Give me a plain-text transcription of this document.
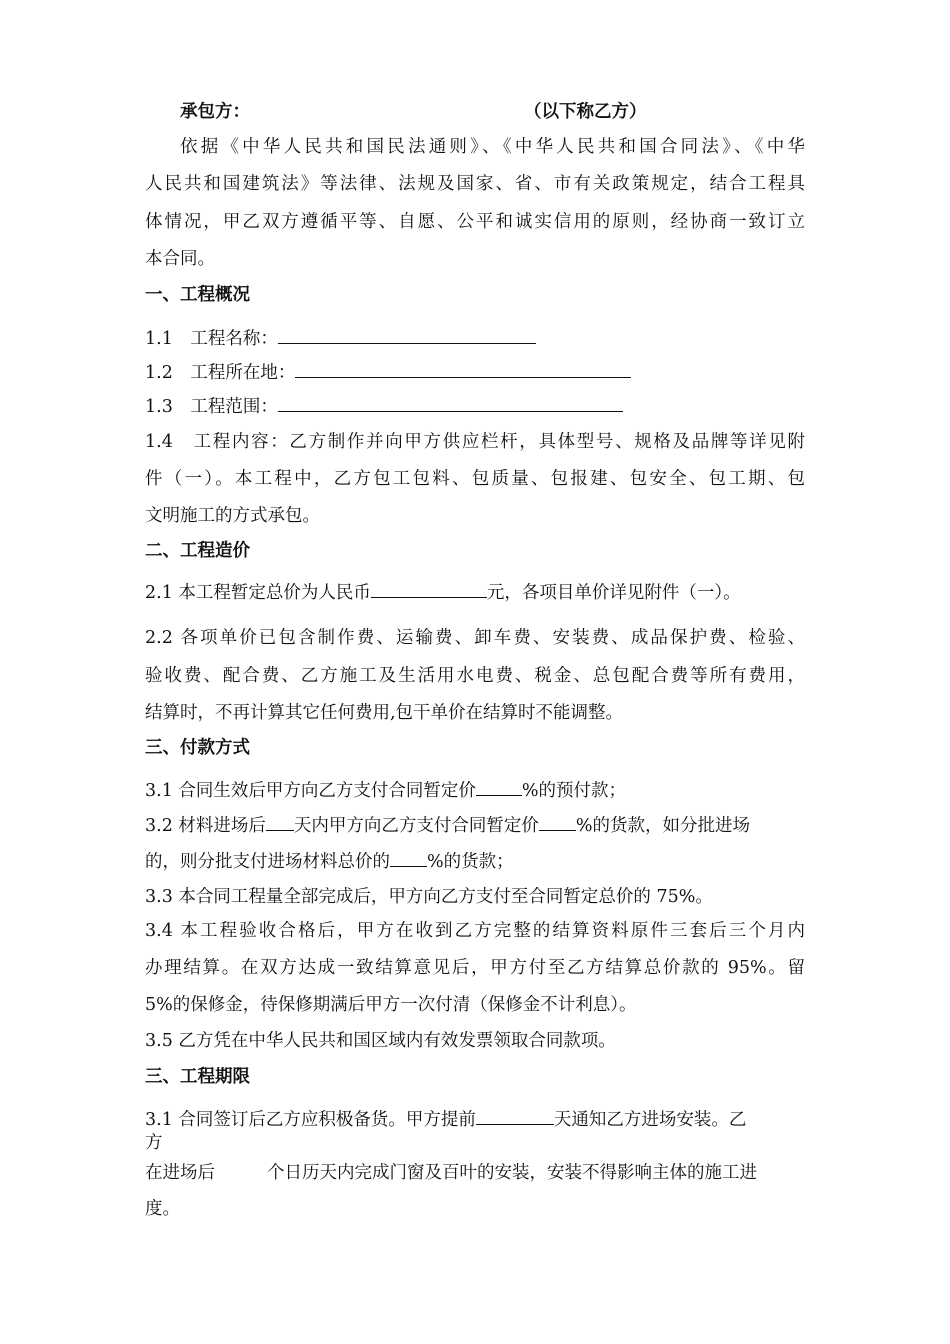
承包方：	（以下称乙方）
依据《中华人民共和国民法通则》、《中华人民共和国合同法》、《中华
人民共和国建筑法》等法律、法规及国家、省、市有关政策规定，结合工程具
体情况，甲乙双方遵循平等、自愿、公平和诚实信用的原则，经协商一致订立
本合同。
一、工程概况
1.1　工程名称：
1.2　工程所在地：
1.3　工程范围：
1.4　工程内容：乙方制作并向甲方供应栏杆，具体型号、规格及品牌等详见附
件（一）。本工程中，乙方包工包料、包质量、包报建、包安全、包工期、包
文明施工的方式承包。
二、工程造价
2.1 本工程暂定总价为人民币	元，各项目单价详见附件（一）。
2.2 各项单价已包含制作费、运输费、卸车费、安装费、成品保护费、检验、
验收费、配合费、乙方施工及生活用水电费、税金、总包配合费等所有费用，
结算时，不再计算其它任何费用,包干单价在结算时不能调整。
三、付款方式
3.1 合同生效后甲方向乙方支付合同暂定价	%的预付款；
3.2 材料进场后 天内甲方向乙方支付合同暂定价 %的货款，如分批进场
的，则分批支付进场材料总价的 %的货款；
3.3 本合同工程量全部完成后，甲方向乙方支付至合同暂定总价的 75%。
3.4 本工程验收合格后，甲方在收到乙方完整的结算资料原件三套后三个月内
办理结算。在双方达成一致结算意见后，甲方付至乙方结算总价款的 95%。留
5%的保修金，待保修期满后甲方一次付清（保修金不计利息）。
3.5 乙方凭在中华人民共和国区域内有效发票领取合同款项。
三、工程期限
3.1 合同签订后乙方应积极备货。甲方提前	天通知乙方进场安装。乙
方
在进场后	个日历天内完成门窗及百叶的安装，安装不得影响主体的施工进
度。
